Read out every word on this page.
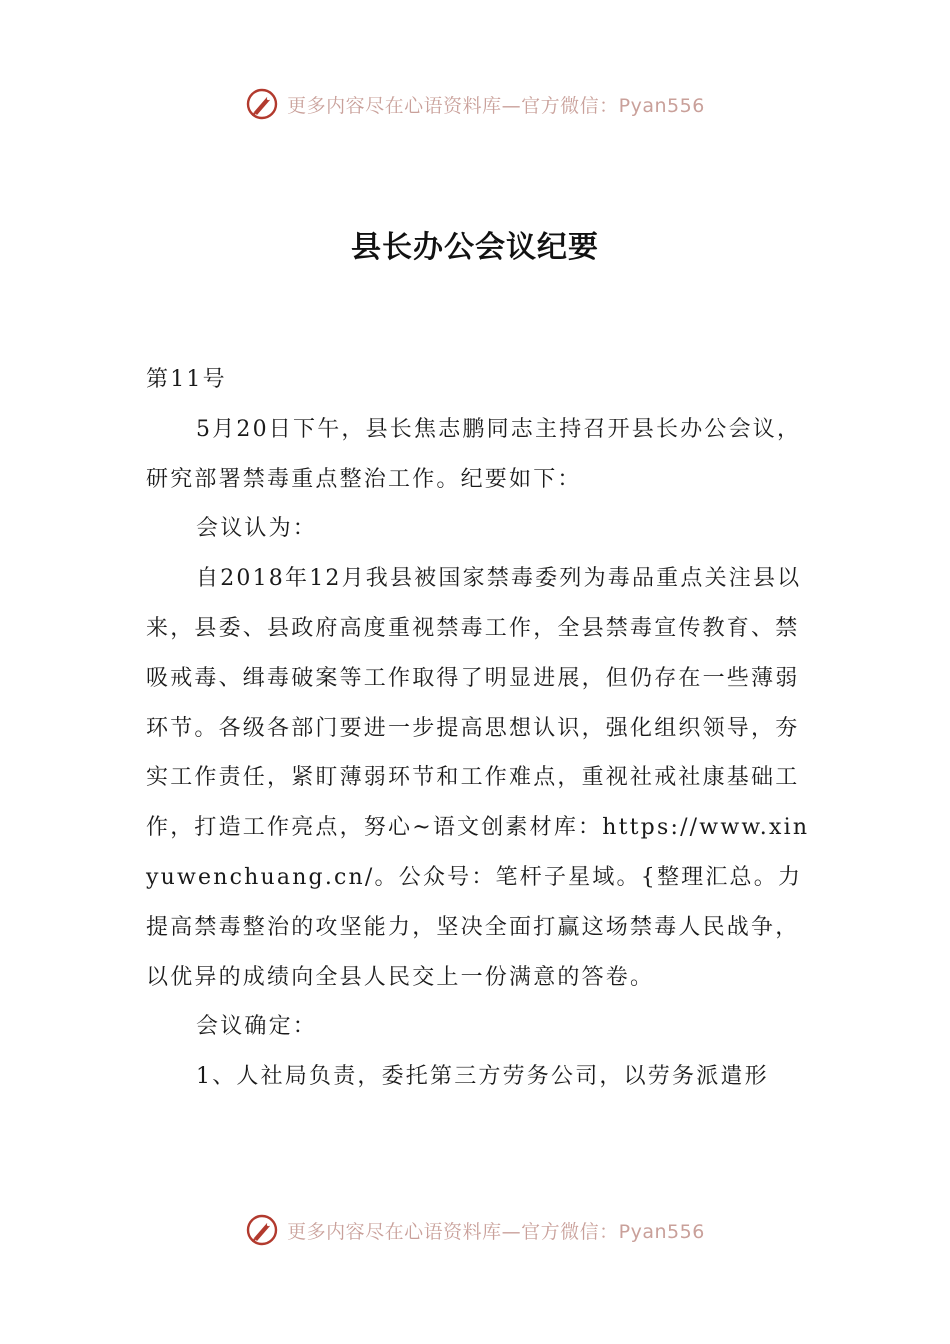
更多内容尽在心语资料库—官方微信：Pyan556
县长办公会议纪要

第11号

5月20日下午，县长焦志鹏同志主持召开县长办公会议，研究部署禁毒重点整治工作。纪要如下：

会议认为：

自2018年12月我县被国家禁毒委列为毒品重点关注县以来，县委、县政府高度重视禁毒工作，全县禁毒宣传教育、禁吸戒毒、缉毒破案等工作取得了明显进展，但仍存在一些薄弱环节。各级各部门要进一步提高思想认识，强化组织领导，夯实工作责任，紧盯薄弱环节和工作难点，重视社戒社康基础工作，打造工作亮点，努心~语文创素材库：https://www.xinyuwenchuang.cn/。公众号：笔杆子星域。{整理汇总。力提高禁毒整治的攻坚能力，坚决全面打赢这场禁毒人民战争，以优异的成绩向全县人民交上一份满意的答卷。

会议确定：

1、人社局负责，委托第三方劳务公司，以劳务派遣形

更多内容尽在心语资料库—官方微信：Pyan556
